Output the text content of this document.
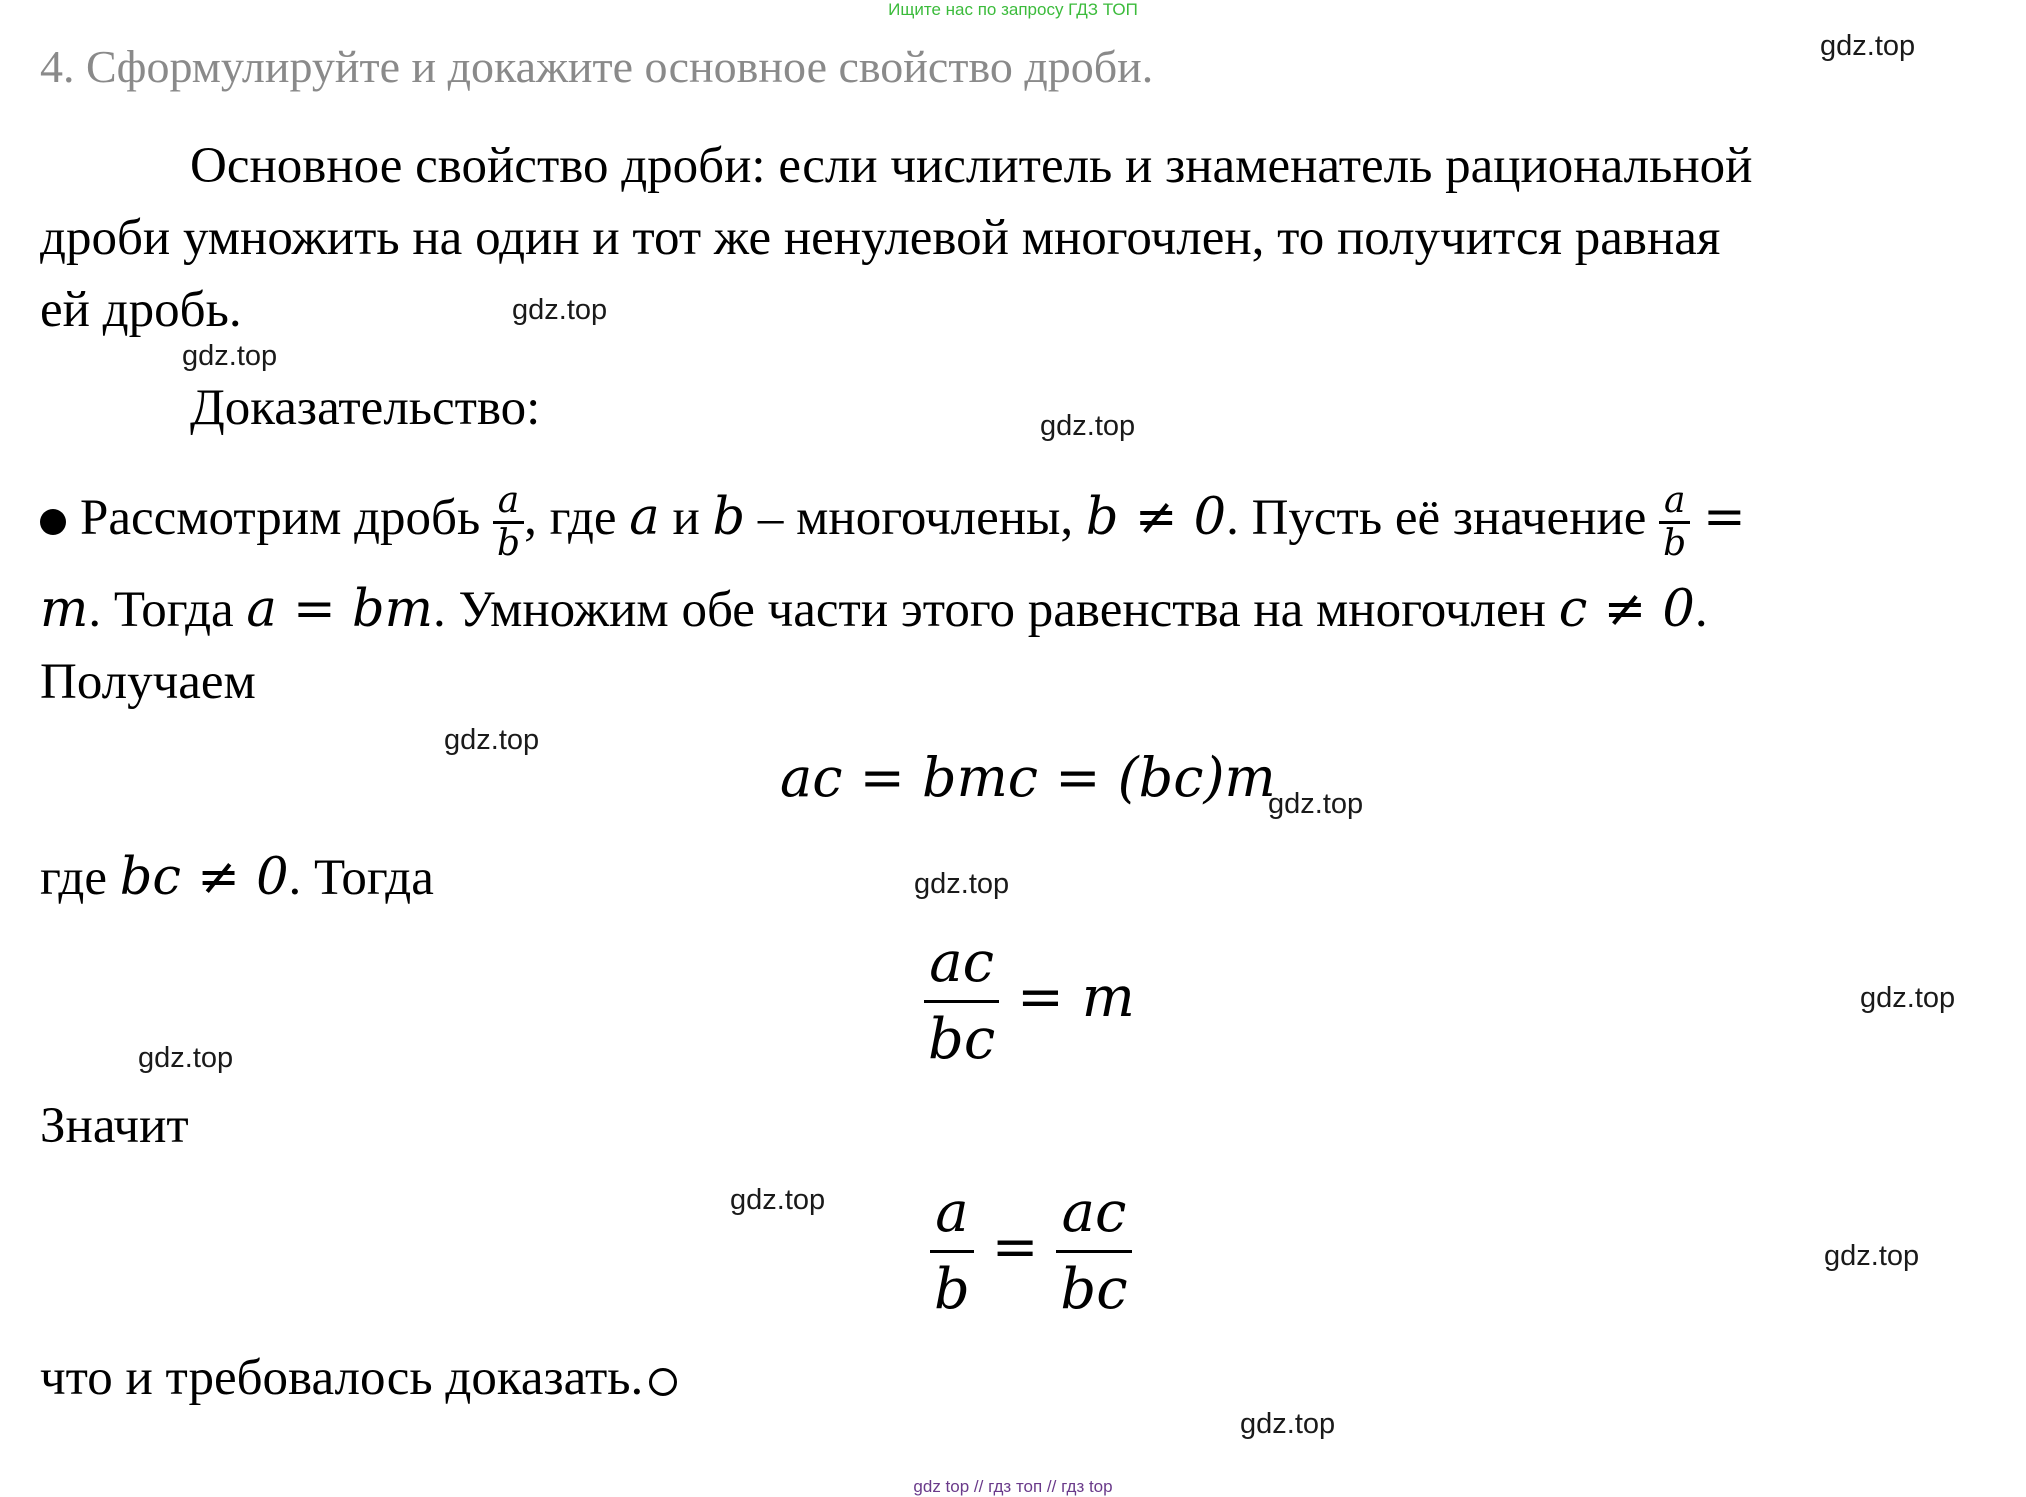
Ищите нас по запросу ГДЗ ТОП
4. Сформулируйте и докажите основное свойство дроби.
Основное свойство дроби: если числитель и знаменатель рациональной
дроби умножить на один и тот же ненулевой многочлен, то получится равная
ей дробь.
Доказательство:
Рассмотрим дробь $\frac{a}{b}$ , где a и b – многочлены, b ≠ 0. Пусть её значение $\frac{a}{b}$ =
m. Тогда a = bm. Умножим обе части этого равенства на многочлен c ≠ 0.
Получаем
ac = bmc = (bc)m
где bc ≠ 0. Тогда
$\frac{ac}{bc} = m$
Значит
$\frac{a}{b} = \frac{ac}{bc}$
что и требовалось доказать.
gdz.top
gdz.top
gdz.top
gdz.top
gdz.top
gdz.top
gdz.top
gdz.top
gdz.top
gdz.top
gdz.top
gdz.top
gdz top // гдз топ // гдз top
